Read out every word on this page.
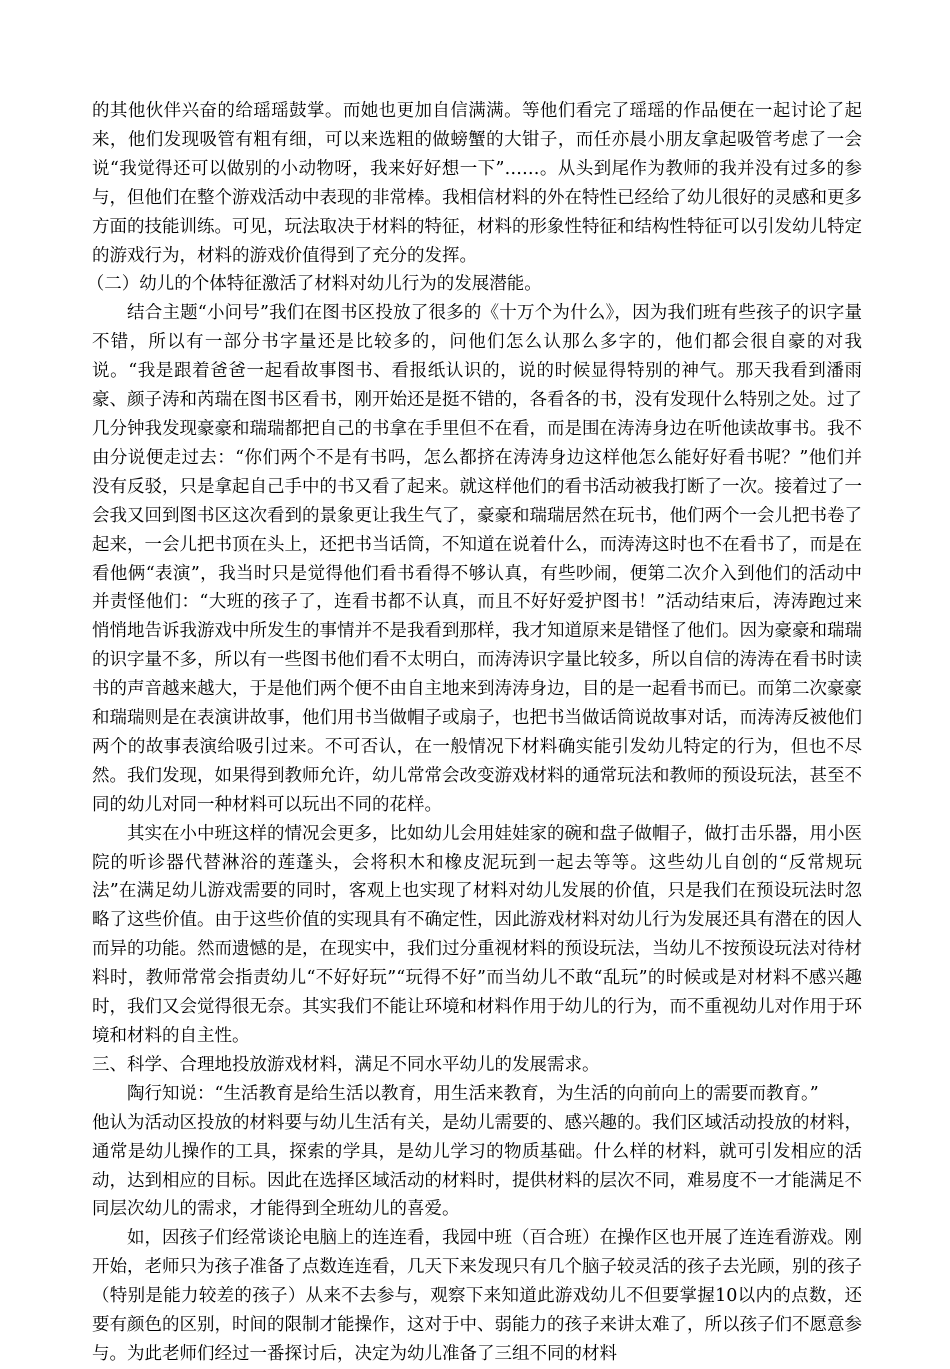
的其他伙伴兴奋的给瑶瑶鼓掌。而她也更加自信满满。等他们看完了瑶瑶的作品便在一起讨论了起来，他们发现吸管有粗有细，可以来选粗的做螃蟹的大钳子，而任亦晨小朋友拿起吸管考虑了一会说“我觉得还可以做别的小动物呀，我来好好想一下”……。从头到尾作为教师的我并没有过多的参与，但他们在整个游戏活动中表现的非常棒。我相信材料的外在特性已经给了幼儿很好的灵感和更多方面的技能训练。可见，玩法取决于材料的特征，材料的形象性特征和结构性特征可以引发幼儿特定的游戏行为，材料的游戏价值得到了充分的发挥。

（二）幼儿的个体特征激活了材料对幼儿行为的发展潜能。

结合主题“小问号”我们在图书区投放了很多的《十万个为什么》，因为我们班有些孩子的识字量不错，所以有一部分书字量还是比较多的，问他们怎么认那么多字的，他们都会很自豪的对我说。“我是跟着爸爸一起看故事图书、看报纸认识的，说的时候显得特别的神气。那天我看到潘雨豪、颜子涛和芮瑞在图书区看书，刚开始还是挺不错的，各看各的书，没有发现什么特别之处。过了几分钟我发现豪豪和瑞瑞都把自己的书拿在手里但不在看，而是围在涛涛身边在听他读故事书。我不由分说便走过去：“你们两个不是有书吗，怎么都挤在涛涛身边这样他怎么能好好看书呢？”他们并没有反驳，只是拿起自己手中的书又看了起来。就这样他们的看书活动被我打断了一次。接着过了一会我又回到图书区这次看到的景象更让我生气了，豪豪和瑞瑞居然在玩书，他们两个一会儿把书卷了起来，一会儿把书顶在头上，还把书当话筒，不知道在说着什么，而涛涛这时也不在看书了，而是在看他俩“表演”，我当时只是觉得他们看书看得不够认真，有些吵闹，便第二次介入到他们的活动中并责怪他们：“大班的孩子了，连看书都不认真，而且不好好爱护图书！”活动结束后，涛涛跑过来悄悄地告诉我游戏中所发生的事情并不是我看到那样，我才知道原来是错怪了他们。因为豪豪和瑞瑞的识字量不多，所以有一些图书他们看不太明白，而涛涛识字量比较多，所以自信的涛涛在看书时读书的声音越来越大，于是他们两个便不由自主地来到涛涛身边，目的是一起看书而已。而第二次豪豪和瑞瑞则是在表演讲故事，他们用书当做帽子或扇子，也把书当做话筒说故事对话，而涛涛反被他们两个的故事表演给吸引过来。不可否认，在一般情况下材料确实能引发幼儿特定的行为，但也不尽然。我们发现，如果得到教师允许，幼儿常常会改变游戏材料的通常玩法和教师的预设玩法，甚至不同的幼儿对同一种材料可以玩出不同的花样。

其实在小中班这样的情况会更多，比如幼儿会用娃娃家的碗和盘子做帽子，做打击乐器，用小医院的听诊器代替淋浴的莲蓬头，会将积木和橡皮泥玩到一起去等等。这些幼儿自创的“反常规玩法”在满足幼儿游戏需要的同时，客观上也实现了材料对幼儿发展的价值，只是我们在预设玩法时忽略了这些价值。由于这些价值的实现具有不确定性，因此游戏材料对幼儿行为发展还具有潜在的因人而异的功能。然而遗憾的是，在现实中，我们过分重视材料的预设玩法，当幼儿不按预设玩法对待材料时，教师常常会指责幼儿“不好好玩”“玩得不好”而当幼儿不敢“乱玩”的时候或是对材料不感兴趣时，我们又会觉得很无奈。其实我们不能让环境和材料作用于幼儿的行为，而不重视幼儿对作用于环境和材料的自主性。

三、科学、合理地投放游戏材料，满足不同水平幼儿的发展需求。

陶行知说：“生活教育是给生活以教育，用生活来教育，为生活的向前向上的需要而教育。”

他认为活动区投放的材料要与幼儿生活有关，是幼儿需要的、感兴趣的。我们区域活动投放的材料，通常是幼儿操作的工具，探索的学具，是幼儿学习的物质基础。什么样的材料，就可引发相应的活动，达到相应的目标。因此在选择区域活动的材料时，提供材料的层次不同，难易度不一才能满足不同层次幼儿的需求，才能得到全班幼儿的喜爱。

如，因孩子们经常谈论电脑上的连连看，我园中班（百合班）在操作区也开展了连连看游戏。刚开始，老师只为孩子准备了点数连连看，几天下来发现只有几个脑子较灵活的孩子去光顾，别的孩子（特别是能力较差的孩子）从来不去参与，观察下来知道此游戏幼儿不但要掌握10以内的点数，还要有颜色的区别，时间的限制才能操作，这对于中、弱能力的孩子来讲太难了，所以孩子们不愿意参与。为此老师们经过一番探讨后，决定为幼儿准备了三组不同的材料
